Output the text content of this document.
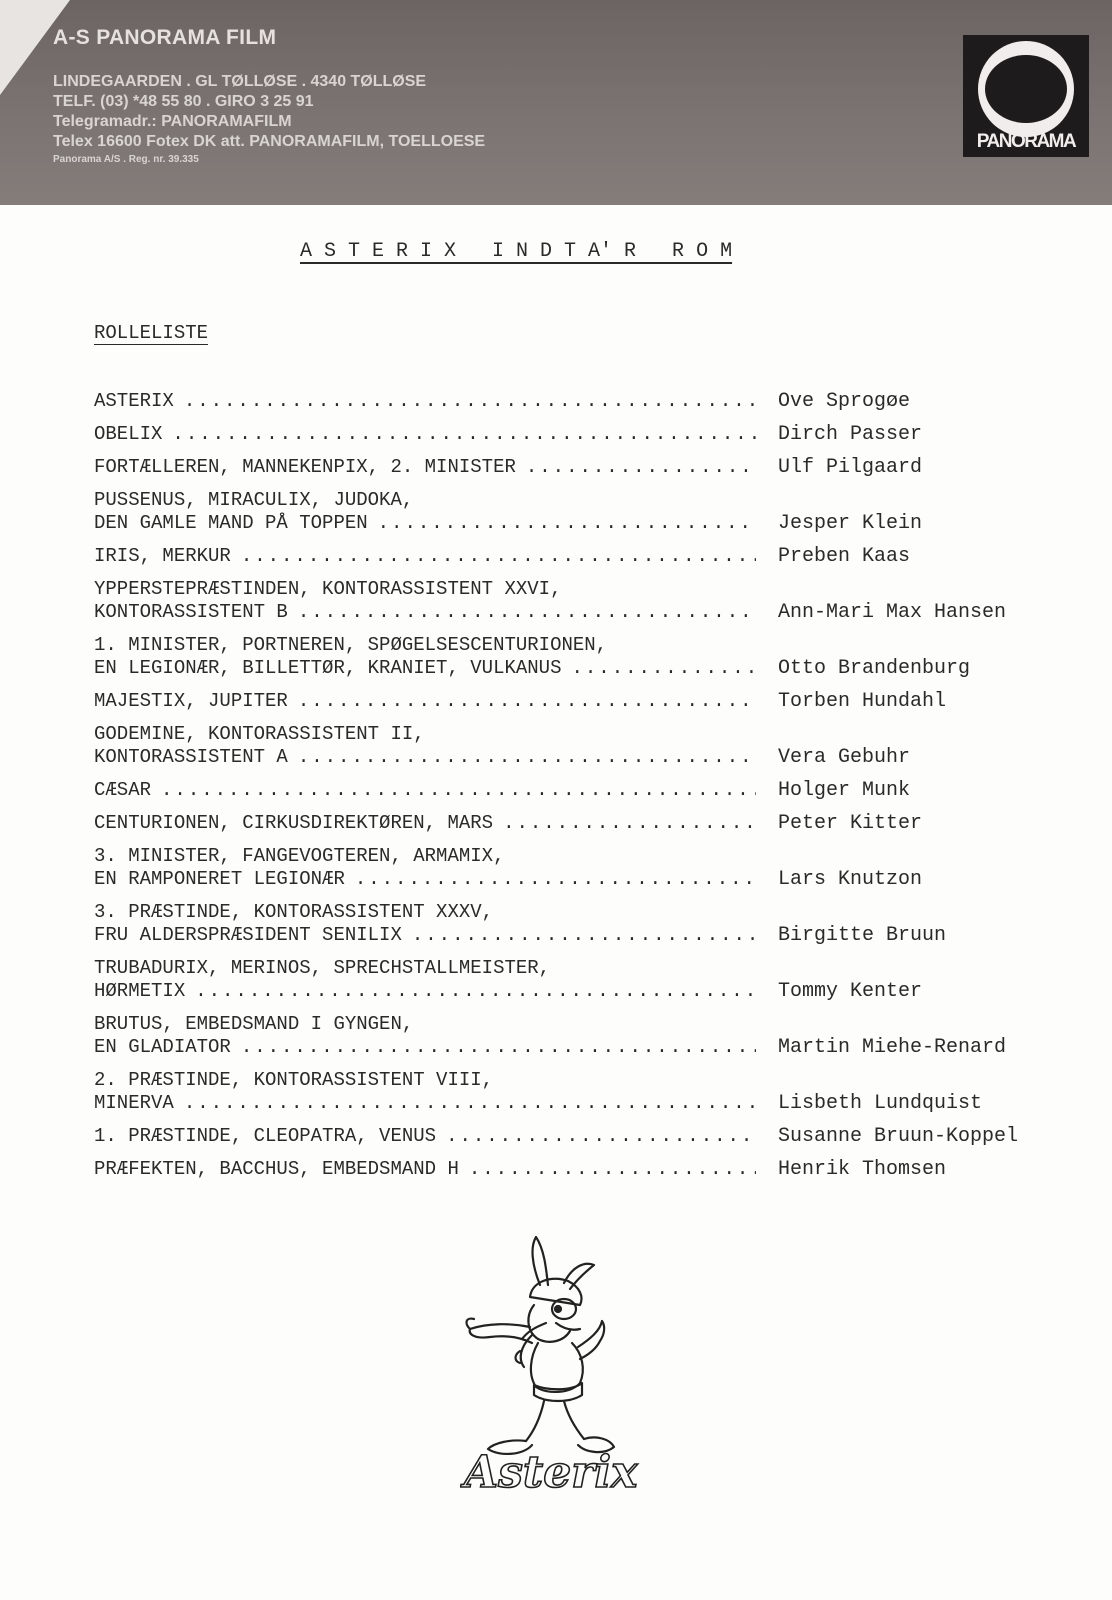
A-S PANORAMA FILM
LINDEGAARDEN . GL TØLLØSE . 4340 TØLLØSE
TELF. (03) *48 55 80 . GIRO 3 25 91
Telegramadr.: PANORAMAFILM
Telex 16600 Fotex DK att. PANORAMAFILM, TOELLOESE
Panorama A/S . Reg. nr. 39.335
PANORAMA
A S T E R I X   I N D T A' R   R O M
ROLLELISTE
ASTERIX .....	Ove Sprogøe
OBELIX .....	Dirch Passer
FORTÆLLEREN, MANNEKENPIX, 2. MINISTER .....	Ulf Pilgaard
PUSSENUS, MIRACULIX, JUDOKA,
DEN GAMLE MAND PÅ TOPPEN .....	Jesper Klein
IRIS, MERKUR .....	Preben Kaas
YPPERSTEPRÆSTINDEN, KONTORASSISTENT XXVI,
KONTORASSISTENT B .....	Ann-Mari Max Hansen
1. MINISTER, PORTNEREN, SPØGELSESCENTURIONEN,
EN LEGIONÆR, BILLETTØR, KRANIET, VULKANUS .....	Otto Brandenburg
MAJESTIX, JUPITER .....	Torben Hundahl
GODEMINE, KONTORASSISTENT II,
KONTORASSISTENT A .....	Vera Gebuhr
CÆSAR .....	Holger Munk
CENTURIONEN, CIRKUSDIREKTØREN, MARS .....	Peter Kitter
3. MINISTER, FANGEVOGTEREN, ARMAMIX,
EN RAMPONERET LEGIONÆR .....	Lars Knutzon
3. PRÆSTINDE, KONTORASSISTENT XXXV,
FRU ALDERSPRÆSIDENT SENILIX .....	Birgitte Bruun
TRUBADURIX, MERINOS, SPRECHSTALLMEISTER,
HØRMETIX .....	Tommy Kenter
BRUTUS, EMBEDSMAND I GYNGEN,
EN GLADIATOR .....	Martin Miehe-Renard
2. PRÆSTINDE, KONTORASSISTENT VIII,
MINERVA .....	Lisbeth Lundquist
1. PRÆSTINDE, CLEOPATRA, VENUS .....	Susanne Bruun-Koppel
PRÆFEKTEN, BACCHUS, EMBEDSMAND H .....	Henrik Thomsen
Asterix
